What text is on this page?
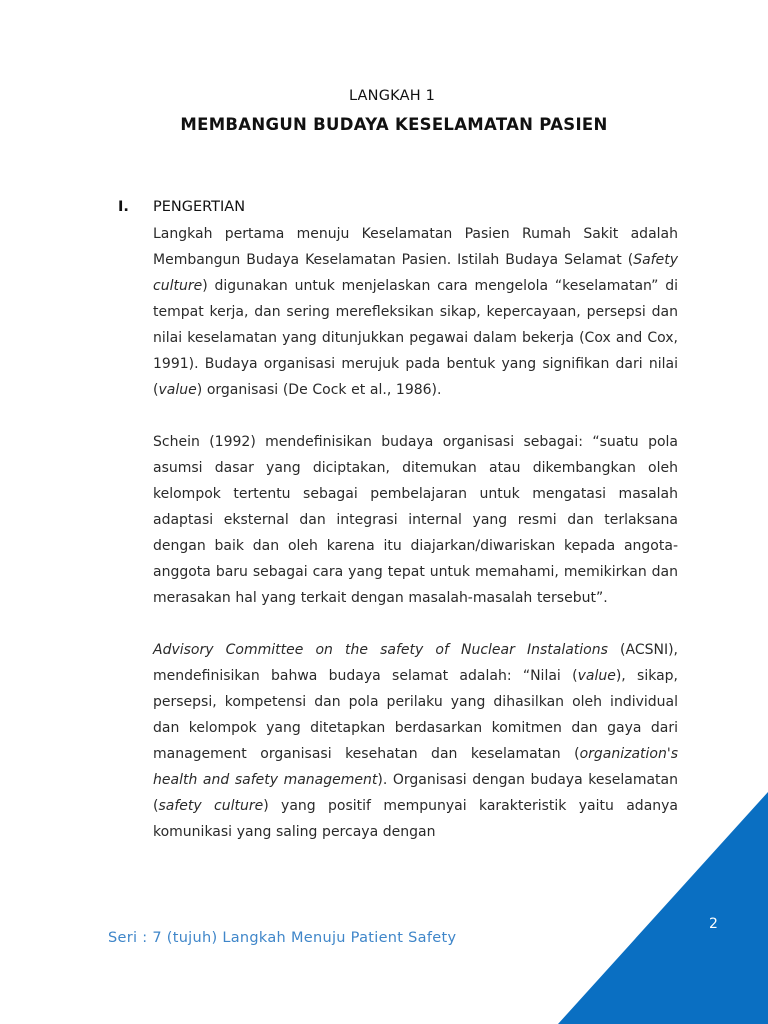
LANGKAH 1
MEMBANGUN BUDAYA KESELAMATAN PASIEN
I. PENGERTIAN

Langkah pertama menuju Keselamatan Pasien Rumah Sakit adalah Membangun Budaya Keselamatan Pasien. Istilah Budaya Selamat (Safety culture) digunakan untuk menjelaskan cara mengelola “keselamatan” di tempat kerja, dan sering merefleksikan sikap, kepercayaan, persepsi dan nilai keselamatan yang ditunjukkan pegawai dalam bekerja (Cox and Cox, 1991). Budaya organisasi merujuk pada bentuk yang signifikan dari nilai (value) organisasi (De Cock et al., 1986).

Schein (1992) mendefinisikan budaya organisasi sebagai: “suatu pola asumsi dasar yang diciptakan, ditemukan atau dikembangkan oleh kelompok tertentu sebagai pembelajaran untuk mengatasi masalah adaptasi eksternal dan integrasi internal yang resmi dan terlaksana dengan baik dan oleh karena itu diajarkan/diwariskan kepada angota-anggota baru sebagai cara yang tepat untuk memahami, memikirkan dan merasakan hal yang terkait dengan masalah-masalah tersebut”.

Advisory Committee on the safety of Nuclear Instalations (ACSNI), mendefinisikan bahwa budaya selamat adalah: “Nilai (value), sikap, persepsi, kompetensi dan pola perilaku yang dihasilkan oleh individual dan kelompok yang ditetapkan berdasarkan komitmen dan gaya dari management organisasi kesehatan dan keselamatan (organization's health and safety management). Organisasi dengan budaya keselamatan (safety culture) yang positif mempunyai karakteristik yaitu adanya komunikasi yang saling percaya dengan

Seri : 7 (tujuh) Langkah Menuju Patient Safety
2
